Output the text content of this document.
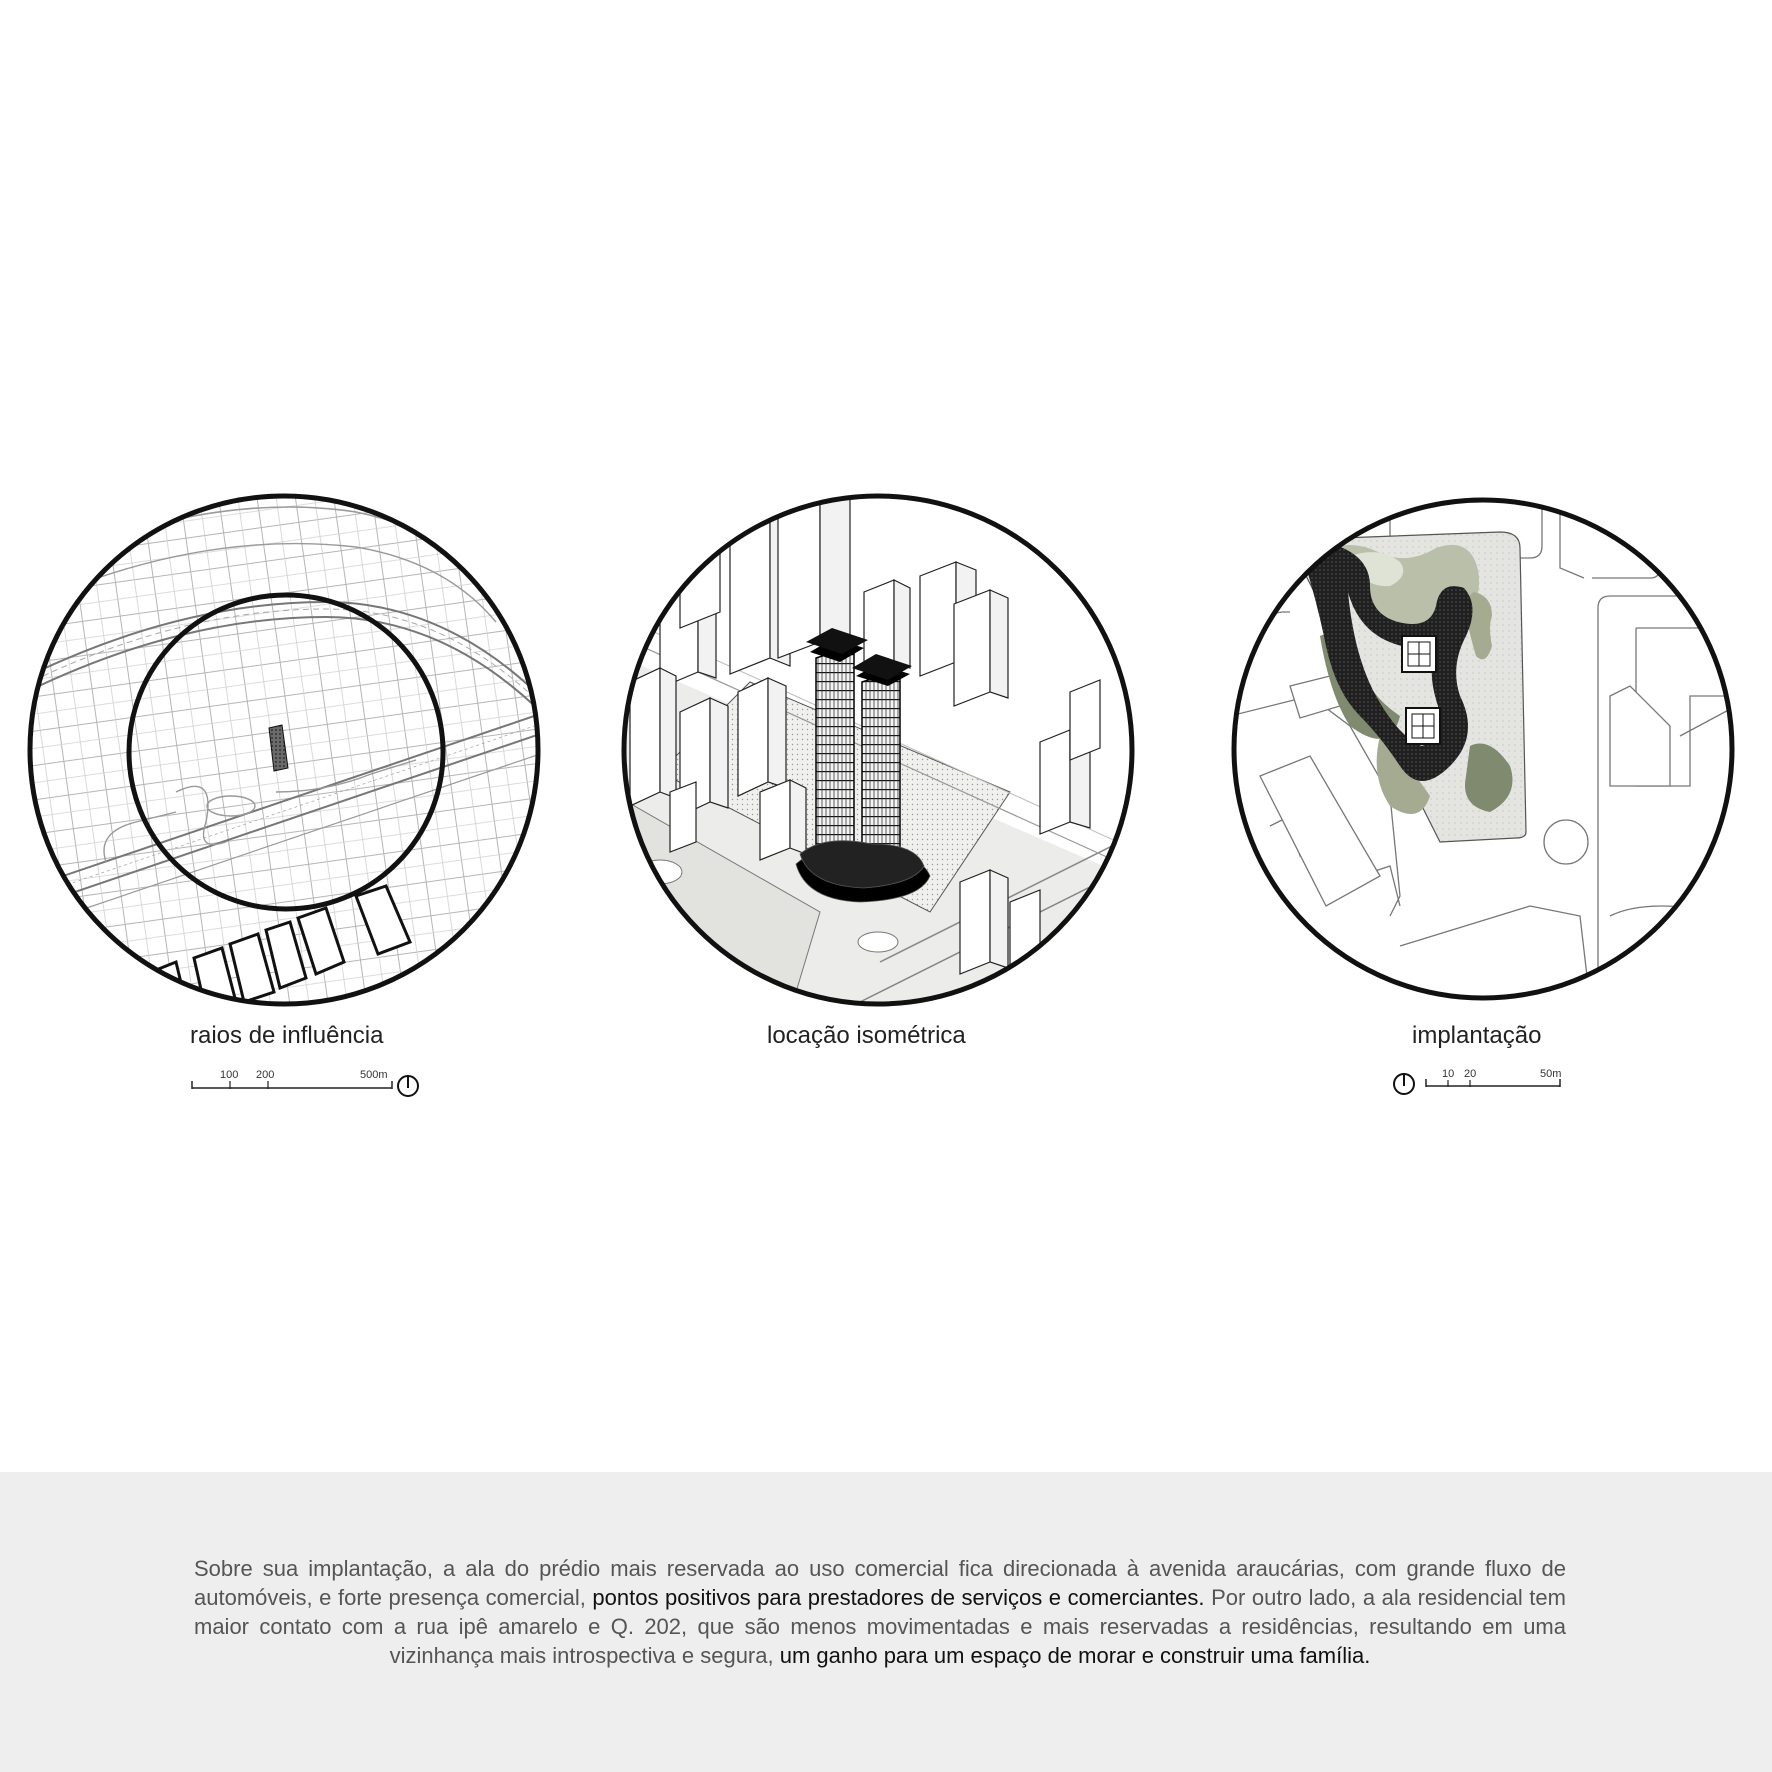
raios de influência
100 200	500m
locação isométrica	implantação
10 20	50m
Sobre sua implantação, a ala do prédio mais reservada ao uso comercial fica direcionada à avenida araucárias, com grande fluxo de automóveis, e forte presença comercial, pontos positivos para prestadores de serviços e comerciantes. Por outro lado, a ala residencial tem maior contato com a rua ipê amarelo e Q. 202, que são menos movimentadas e mais reservadas a residências, resultando em uma vizinhança mais introspectiva e segura, um ganho para um espaço de morar e construir uma família.
